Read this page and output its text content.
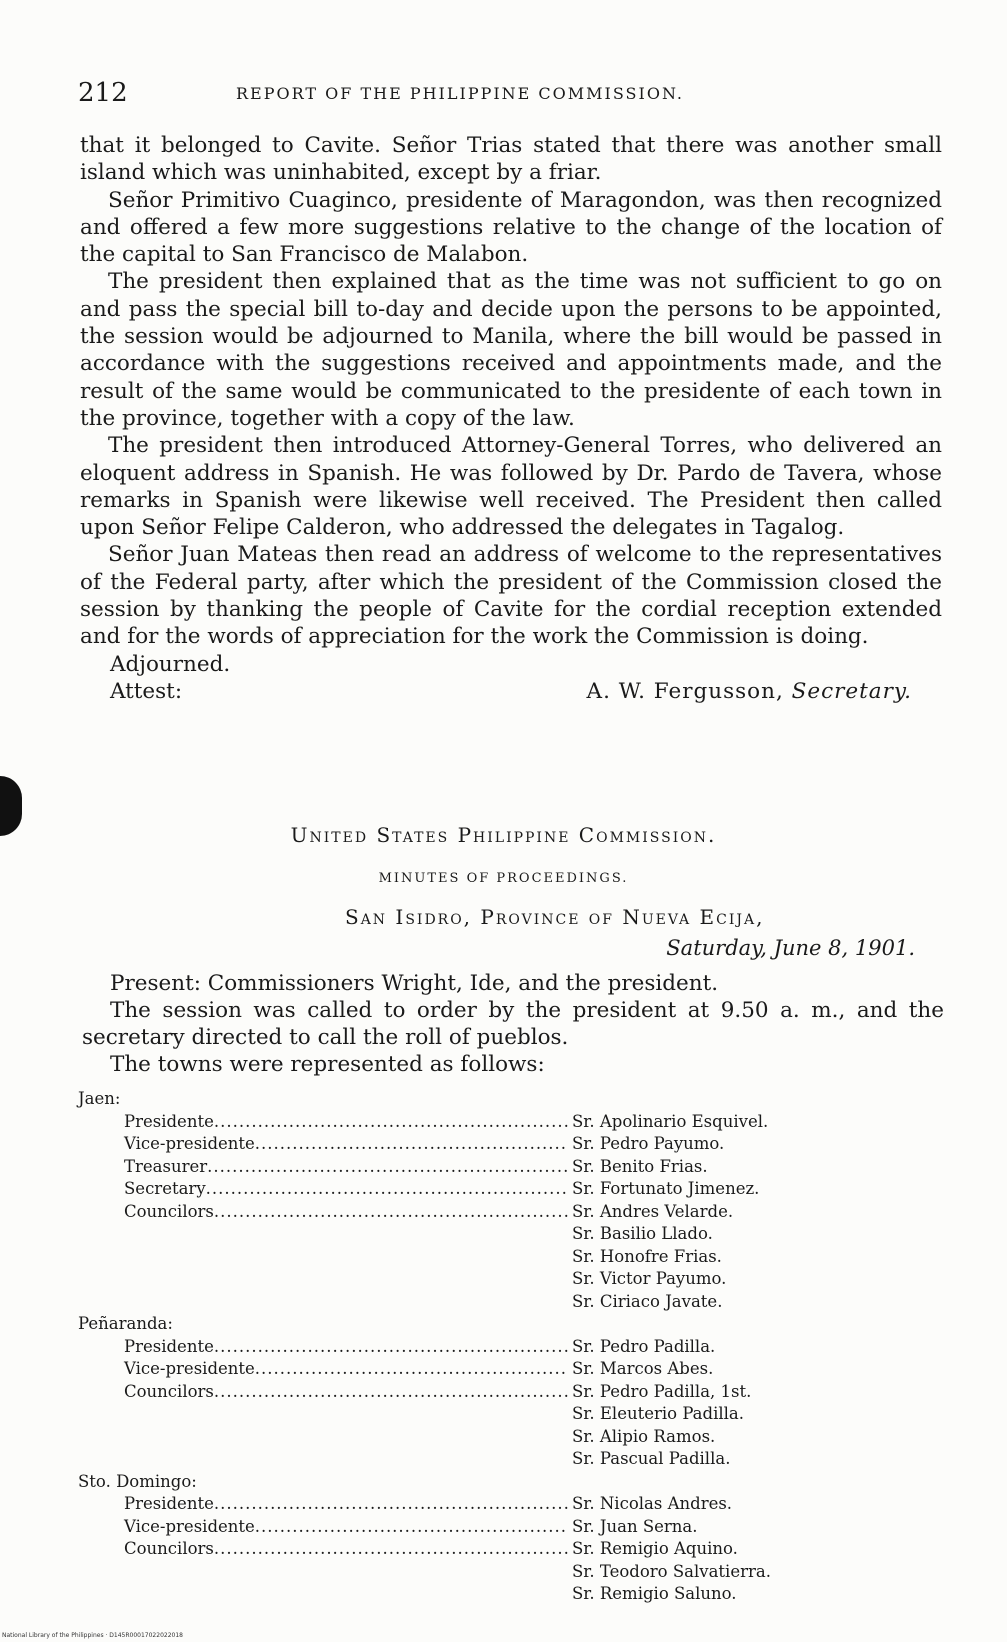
212	REPORT OF THE PHILIPPINE COMMISSION.

that it belonged to Cavite. Señor Trias stated that there was another small island which was uninhabited, except by a friar.

Señor Primitivo Cuaginco, presidente of Maragondon, was then recognized and offered a few more suggestions relative to the change of the location of the capital to San Francisco de Malabon.

The president then explained that as the time was not sufficient to go on and pass the special bill to-day and decide upon the persons to be appointed, the session would be adjourned to Manila, where the bill would be passed in accordance with the suggestions received and appointments made, and the result of the same would be communicated to the presidente of each town in the province, together with a copy of the law.

The president then introduced Attorney-General Torres, who delivered an eloquent address in Spanish. He was followed by Dr. Pardo de Tavera, whose remarks in Spanish were likewise well received. The President then called upon Señor Felipe Calderon, who addressed the delegates in Tagalog.

Señor Juan Mateas then read an address of welcome to the representatives of the Federal party, after which the president of the Commission closed the session by thanking the people of Cavite for the cordial reception extended and for the words of appreciation for the work the Commission is doing.

Adjourned.
Attest:	A. W. Fergusson, Secretary.
United States Philippine Commission.
MINUTES OF PROCEEDINGS.
San Isidro, Province of Nueva Ecija,
Saturday, June 8, 1901.

Present: Commissioners Wright, Ide, and the president.

The session was called to order by the president at 9.50 a. m., and the secretary directed to call the roll of pueblos.

The towns were represented as follows:

Jaen:
Presidente .....	Sr. Apolinario Esquivel.
Vice-presidente .....	Sr. Pedro Payumo.
Treasurer .....	Sr. Benito Frias.
Secretary .....	Sr. Fortunato Jimenez.
Councilors .....	Sr. Andres Velarde.
Sr. Basilio Llado.
Sr. Honofre Frias.
Sr. Victor Payumo.
Sr. Ciriaco Javate.
Peñaranda:
Presidente .....	Sr. Pedro Padilla.
Vice-presidente .....	Sr. Marcos Abes.
Councilors .....	Sr. Pedro Padilla, 1st.
Sr. Eleuterio Padilla.
Sr. Alipio Ramos.
Sr. Pascual Padilla.
Sto. Domingo:
Presidente .....	Sr. Nicolas Andres.
Vice-presidente .....	Sr. Juan Serna.
Councilors .....	Sr. Remigio Aquino.
Sr. Teodoro Salvatierra.
Sr. Remigio Saluno.
National Library of the Philippines · D145R00017022022018
